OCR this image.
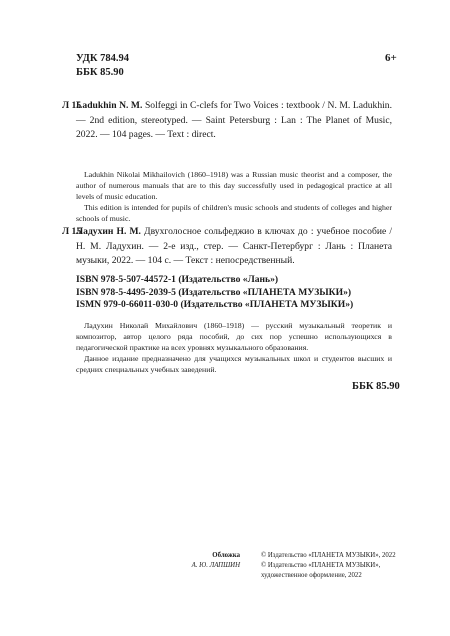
УДК 784.94
ББК 85.90
6+
Л 15
Ladukhin N. M. Solfeggi in C-clefs for Two Voices : textbook / N. M. Ladukhin. — 2nd edition, stereotyped. — Saint Petersburg : Lan : The Planet of Music, 2022. — 104 pages. — Text : direct.

Ladukhin Nikolai Mikhailovich (1860–1918) was a Russian music theorist and a composer, the author of numerous manuals that are to this day successfully used in pedagogical practice at all levels of music education.

This edition is intended for pupils of children's music schools and students of colleges and higher schools of music.

Л 15
Ладухин Н. М. Двухголосное сольфеджио в ключах до : учебное пособие / Н. М. Ладухин. — 2-е изд., стер. — Санкт-Петербург : Лань : Планета музыки, 2022. — 104 с. — Текст : непосредственный.
ISBN 978-5-507-44572-1 (Издательство «Лань»)
ISBN 978-5-4495-2039-5 (Издательство «ПЛАНЕТА МУЗЫКИ»)
ISMN 979-0-66011-030-0 (Издательство «ПЛАНЕТА МУЗЫКИ»)

Ладухин Николай Михайлович (1860–1918) — русский музыкальный теоретик и композитор, автор целого ряда пособий, до сих пор успешно использующихся в педагогической практике на всех уровнях музыкального образования.

Данное издание предназначено для учащихся музыкальных школ и студентов высших и средних специальных учебных заведений.

ББК 85.90
Обложка
А. Ю. ЛАПШИН
© Издательство «ПЛАНЕТА МУЗЫКИ», 2022
© Издательство «ПЛАНЕТА МУЗЫКИ»,
художественное оформление, 2022
